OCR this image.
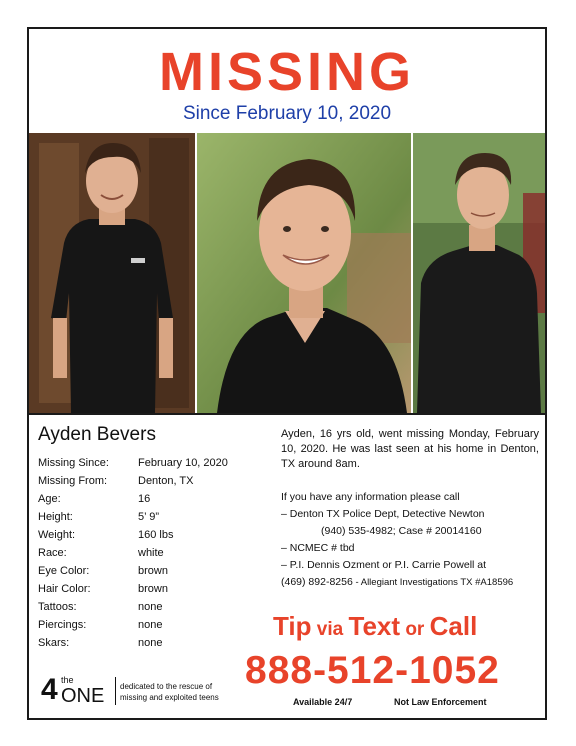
MISSING
Since February 10, 2020
Ayden Bevers
Missing Since:	February 10, 2020
Missing From:	Denton, TX
Age:	16
Height:	5’ 9”
Weight:	160 lbs
Race:	white
Eye Color:	brown
Hair Color:	brown
Tattoos:	none
Piercings:	none
Skars:	none
Ayden, 16 yrs old, went missing Monday, February 10, 2020. He was last seen at his home in Denton, TX around 8am.
If you have any information please call
– Denton TX Police Dept, Detective Newton
(940) 535-4982; Case # 20014160
– NCMEC # tbd
– P.I. Dennis Ozment or P.I. Carrie Powell at
(469) 892-8256 - Allegiant Investigations TX #A18596
Tip via Text or Call
888-512-1052
Available 24/7	Not Law Enforcement
4 the
ONE dedicated to the rescue of
missing and exploited teens
